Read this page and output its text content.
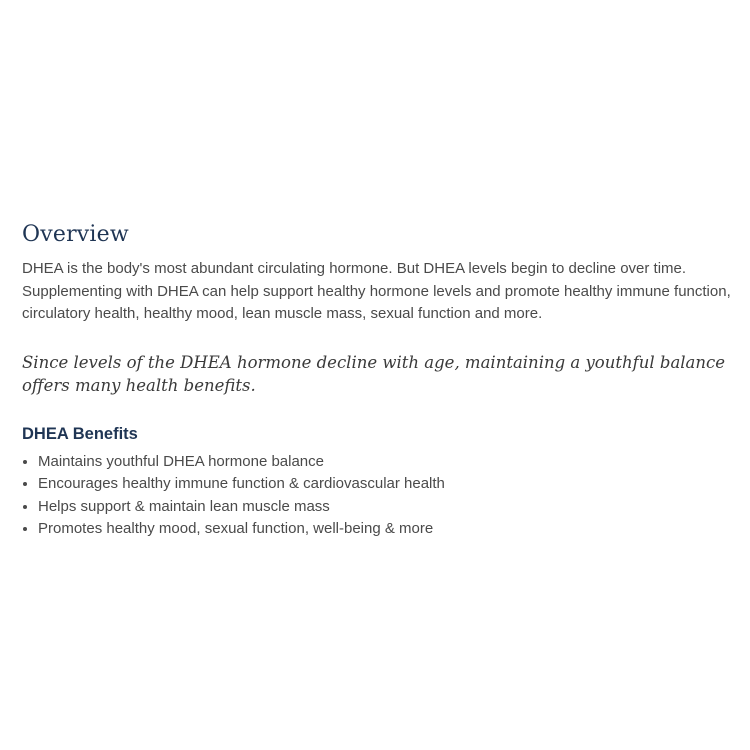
Overview

DHEA is the body's most abundant circulating hormone. But DHEA levels begin to decline over time. Supplementing with DHEA can help support healthy hormone levels and promote healthy immune function, circulatory health, healthy mood, lean muscle mass, sexual function and more.

Since levels of the DHEA hormone decline with age, maintaining a youthful balance offers many health benefits.

DHEA Benefits
Maintains youthful DHEA hormone balance
Encourages healthy immune function & cardiovascular health
Helps support & maintain lean muscle mass
Promotes healthy mood, sexual function, well-being & more
